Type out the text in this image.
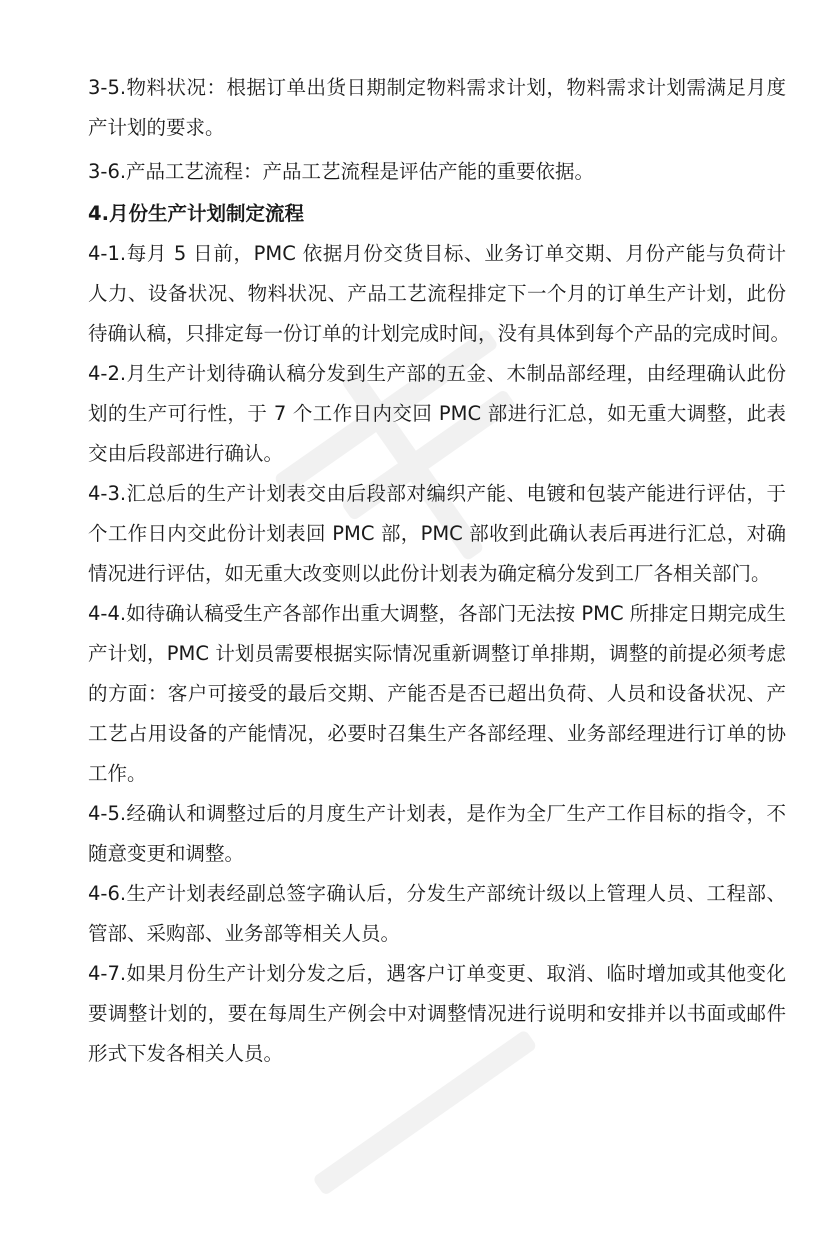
3-5.物料状况：根据订单出货日期制定物料需求计划，物料需求计划需满足月度
产计划的要求。
3-6.产品工艺流程：产品工艺流程是评估产能的重要依据。
4.月份生产计划制定流程
4-1.每月 5 日前，PMC 依据月份交货目标、业务订单交期、月份产能与负荷计
人力、设备状况、物料状况、产品工艺流程排定下一个月的订单生产计划，此份
待确认稿，只排定每一份订单的计划完成时间，没有具体到每个产品的完成时间。
4-2.月生产计划待确认稿分发到生产部的五金、木制品部经理，由经理确认此份
划的生产可行性，于 7 个工作日内交回 PMC 部进行汇总，如无重大调整，此表
交由后段部进行确认。
4-3.汇总后的生产计划表交由后段部对编织产能、电镀和包装产能进行评估，于
个工作日内交此份计划表回 PMC 部，PMC 部收到此确认表后再进行汇总，对确
情况进行评估，如无重大改变则以此份计划表为确定稿分发到工厂各相关部门。
4-4.如待确认稿受生产各部作出重大调整，各部门无法按 PMC 所排定日期完成生
产计划，PMC 计划员需要根据实际情况重新调整订单排期，调整的前提必须考虑
的方面：客户可接受的最后交期、产能否是否已超出负荷、人员和设备状况、产
工艺占用设备的产能情况，必要时召集生产各部经理、业务部经理进行订单的协
工作。
4-5.经确认和调整过后的月度生产计划表，是作为全厂生产工作目标的指令，不
随意变更和调整。
4-6.生产计划表经副总签字确认后，分发生产部统计级以上管理人员、工程部、
管部、采购部、业务部等相关人员。
4-7.如果月份生产计划分发之后，遇客户订单变更、取消、临时增加或其他变化
要调整计划的，要在每周生产例会中对调整情况进行说明和安排并以书面或邮件
形式下发各相关人员。
